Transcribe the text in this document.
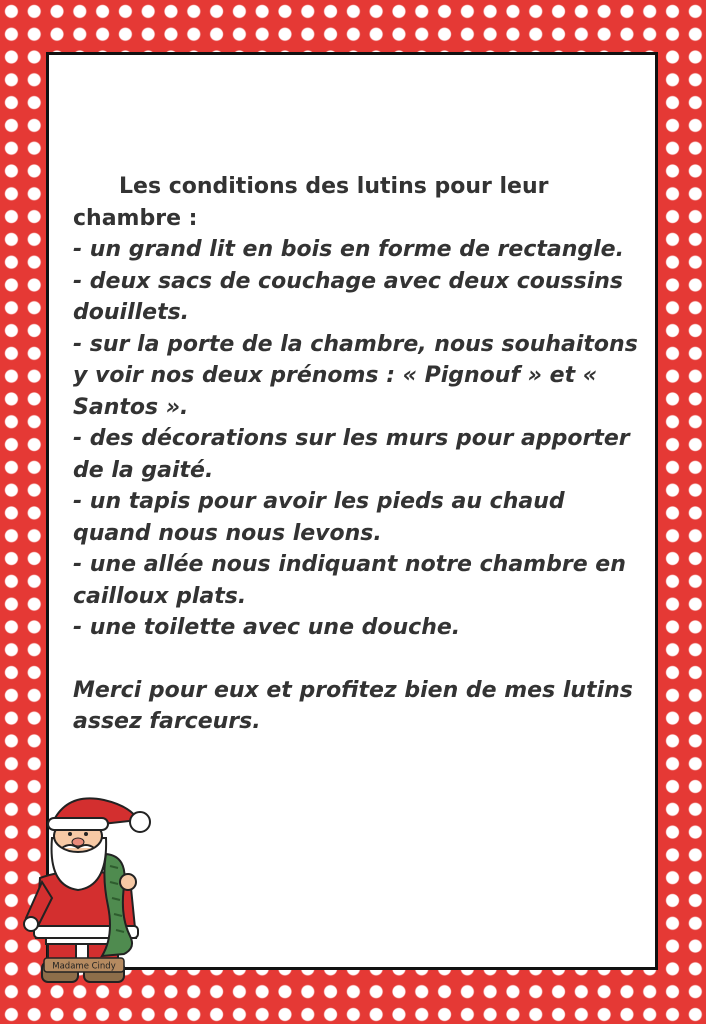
Les conditions des lutins pour leur chambre :

- un grand lit en bois en forme de rectangle.

- deux sacs de couchage avec deux coussins douillets.

- sur la porte de la chambre, nous souhaitons y voir nos deux prénoms : « Pignouf » et « Santos ».

- des décorations sur les murs pour apporter de la gaité.

- un tapis pour avoir les pieds au chaud quand nous nous levons.

- une allée nous indiquant notre chambre en cailloux plats.

- une toilette avec une douche.

Merci pour eux et profitez bien de mes lutins assez farceurs.

Madame Cindy
